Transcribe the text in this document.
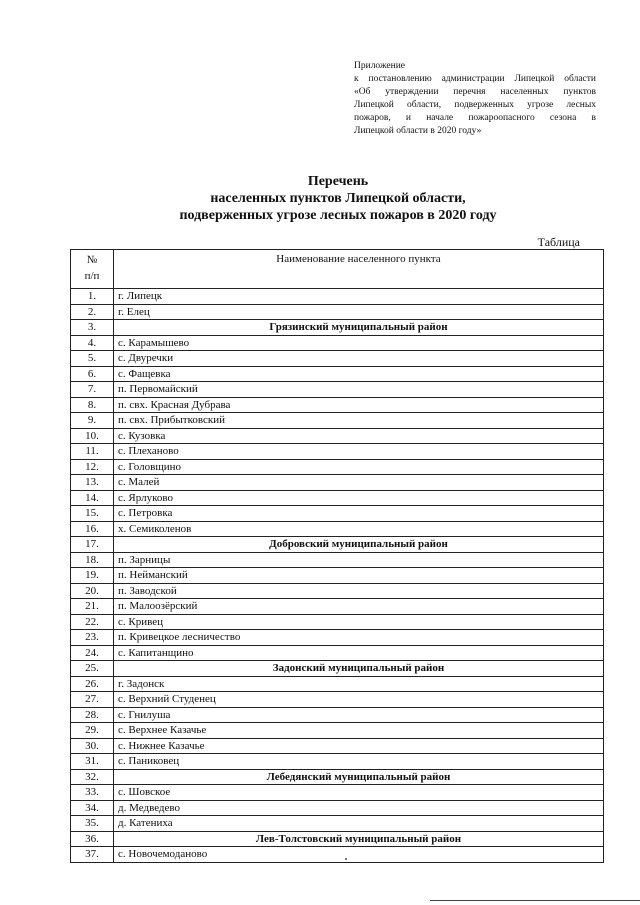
Приложение
к постановлению администрации Липецкой области
«Об утверждении перечня населенных пунктов
Липецкой области, подверженных угрозе лесных
пожаров, и начале пожароопасного сезона в
Липецкой области в 2020 году»
Перечень
населенных пунктов Липецкой области,
подверженных угрозе лесных пожаров в 2020 году
Таблица
№
п/п	Наименование населенного пункта
1.	г. Липецк
2.	г. Елец
3.	Грязинский муниципальный район
4.	с. Карамышево
5.	с. Двуречки
6.	с. Фащевка
7.	п. Первомайский
8.	п. свх. Красная Дубрава
9.	п. свх. Прибытковский
10.	с. Кузовка
11.	с. Плеханово
12.	с. Головщино
13.	с. Малей
14.	с. Ярлуково
15.	с. Петровка
16.	х. Семиколенов
17.	Добровский муниципальный район
18.	п. Зарницы
19.	п. Нейманский
20.	п. Заводской
21.	п. Малоозёрский
22.	с. Кривец
23.	п. Кривецкое лесничество
24.	с. Капитанщино
25.	Задонский муниципальный район
26.	г. Задонск
27.	с. Верхний Студенец
28.	с. Гнилуша
29.	с. Верхнее Казачье
30.	с. Нижнее Казачье
31.	с. Паниковец
32.	Лебедянский муниципальный район
33.	с. Шовское
34.	д. Медведево
35.	д. Катениха
36.	Лев-Толстовский муниципальный район
37.	с. Новочемоданово
